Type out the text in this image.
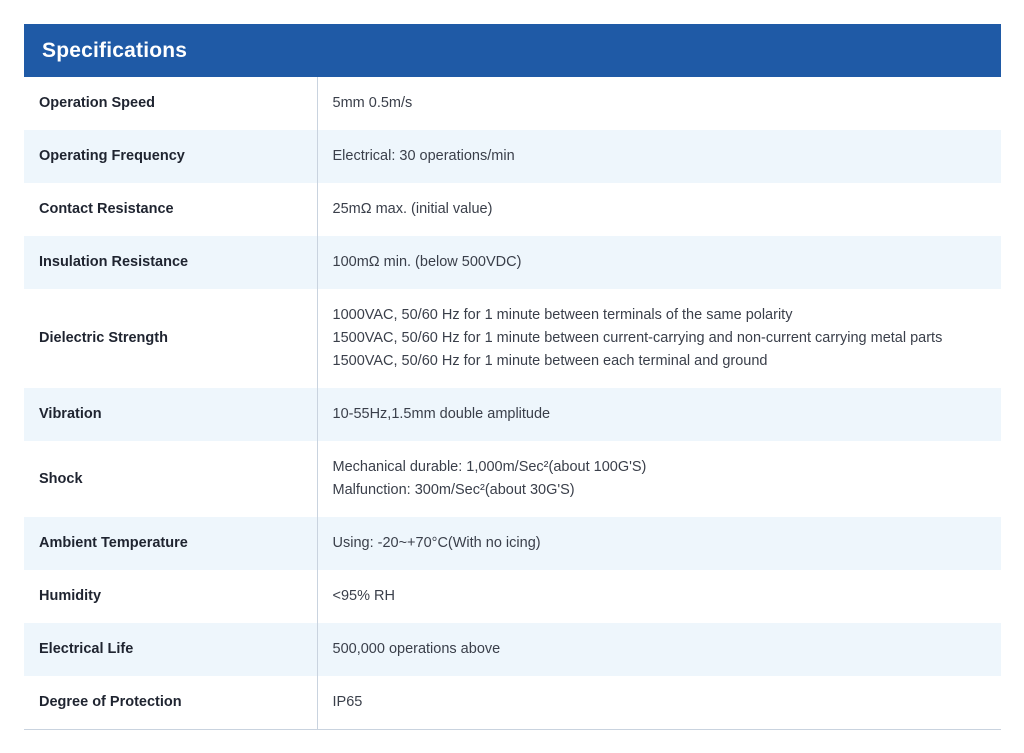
Specifications
Operation Speed	5mm 0.5m/s

Operating Frequency	Electrical: 30 operations/min

Contact Resistance	25mΩ max. (initial value)

Insulation Resistance	100mΩ min. (below 500VDC)

Dielectric Strength	1000VAC, 50/60 Hz for 1 minute between terminals of the same polarity
1500VAC, 50/60 Hz for 1 minute between current-carrying and non-current carrying metal parts
1500VAC, 50/60 Hz for 1 minute between each terminal and ground

Vibration	10-55Hz,1.5mm double amplitude

Shock	Mechanical durable: 1,000m/Sec²(about 100G'S)
Malfunction: 300m/Sec²(about 30G'S)

Ambient Temperature	Using: -20~+70°C(With no icing)

Humidity	<95% RH

Electrical Life	500,000 operations above

Degree of Protection	IP65
